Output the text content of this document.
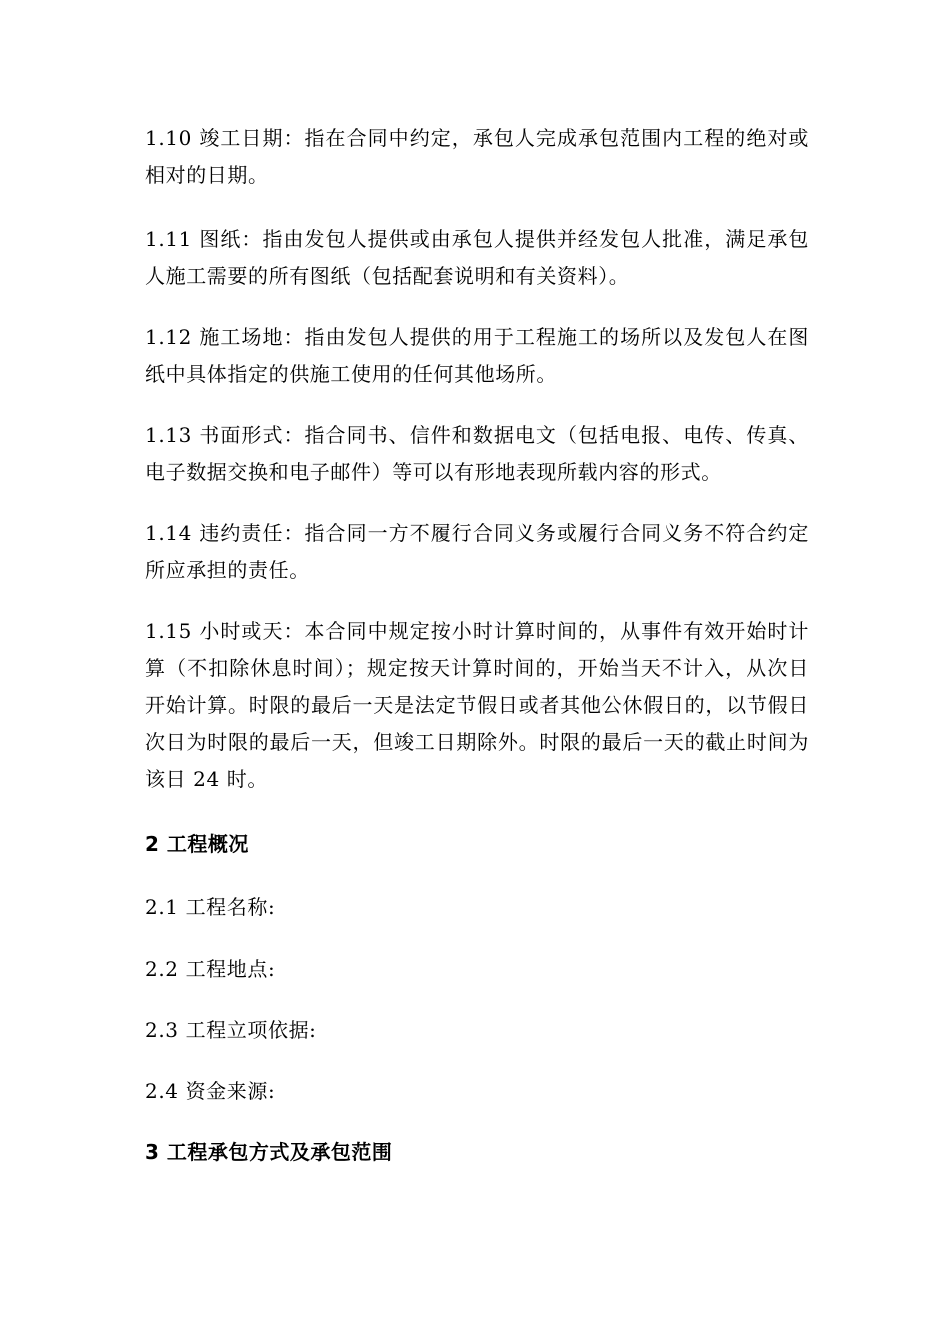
1.10 竣工日期：指在合同中约定，承包人完成承包范围内工程的绝对或相对的日期。

1.11 图纸：指由发包人提供或由承包人提供并经发包人批准，满足承包人施工需要的所有图纸（包括配套说明和有关资料）。

1.12 施工场地：指由发包人提供的用于工程施工的场所以及发包人在图纸中具体指定的供施工使用的任何其他场所。

1.13 书面形式：指合同书、信件和数据电文（包括电报、电传、传真、电子数据交换和电子邮件）等可以有形地表现所载内容的形式。

1.14 违约责任：指合同一方不履行合同义务或履行合同义务不符合约定所应承担的责任。

1.15 小时或天：本合同中规定按小时计算时间的，从事件有效开始时计算（不扣除休息时间）；规定按天计算时间的，开始当天不计入，从次日开始计算。时限的最后一天是法定节假日或者其他公休假日的，以节假日次日为时限的最后一天，但竣工日期除外。时限的最后一天的截止时间为该日 24 时。

2 工程概况

2.1 工程名称:

2.2 工程地点:

2.3 工程立项依据:

2.4 资金来源:

3 工程承包方式及承包范围
